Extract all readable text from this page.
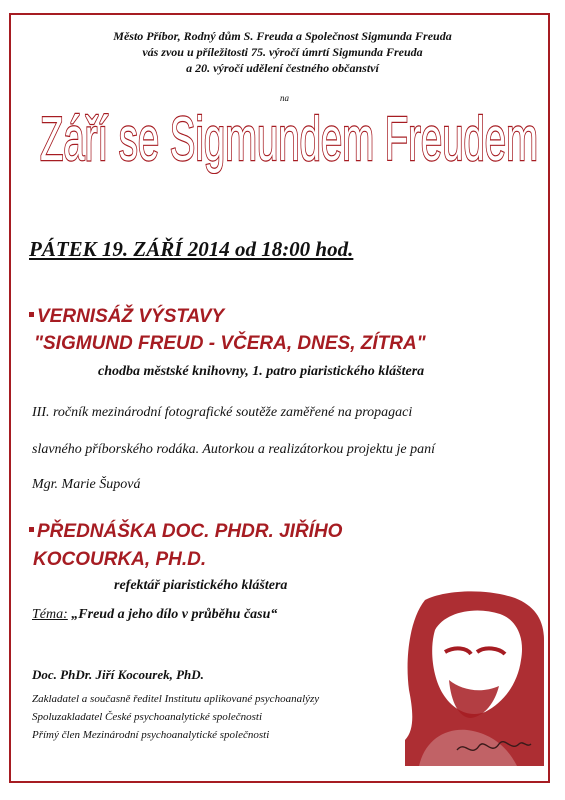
Město Příbor, Rodný dům S. Freuda a Společnost Sigmunda Freuda
vás zvou u příležitosti 75. výročí úmrtí Sigmunda Freuda
a 20. výročí udělení čestného občanství
na
Září se Sigmundem Freudem
PÁTEK 19. ZÁŘÍ 2014 od 18:00 hod.
VERNISÁŽ VÝSTAVY
"SIGMUND FREUD - VČERA, DNES, ZÍTRA"
chodba městské knihovny, 1. patro piaristického kláštera
III. ročník mezinárodní fotografické soutěže zaměřené na propagaci
slavného příborského rodáka. Autorkou a realizátorkou projektu je paní
Mgr. Marie Šupová
PŘEDNÁŠKA DOC. PHDR. JIŘÍHO
KOCOURKA, PH.D.
refektář piaristického kláštera
Téma: „Freud a jeho dílo v průběhu času“
Doc. PhDr. Jiří Kocourek, PhD.
Zakladatel a současně ředitel Institutu aplikované psychoanalýzy
Spoluzakladatel České psychoanalytické společnosti
Přímý člen Mezinárodní psychoanalytické společnosti
